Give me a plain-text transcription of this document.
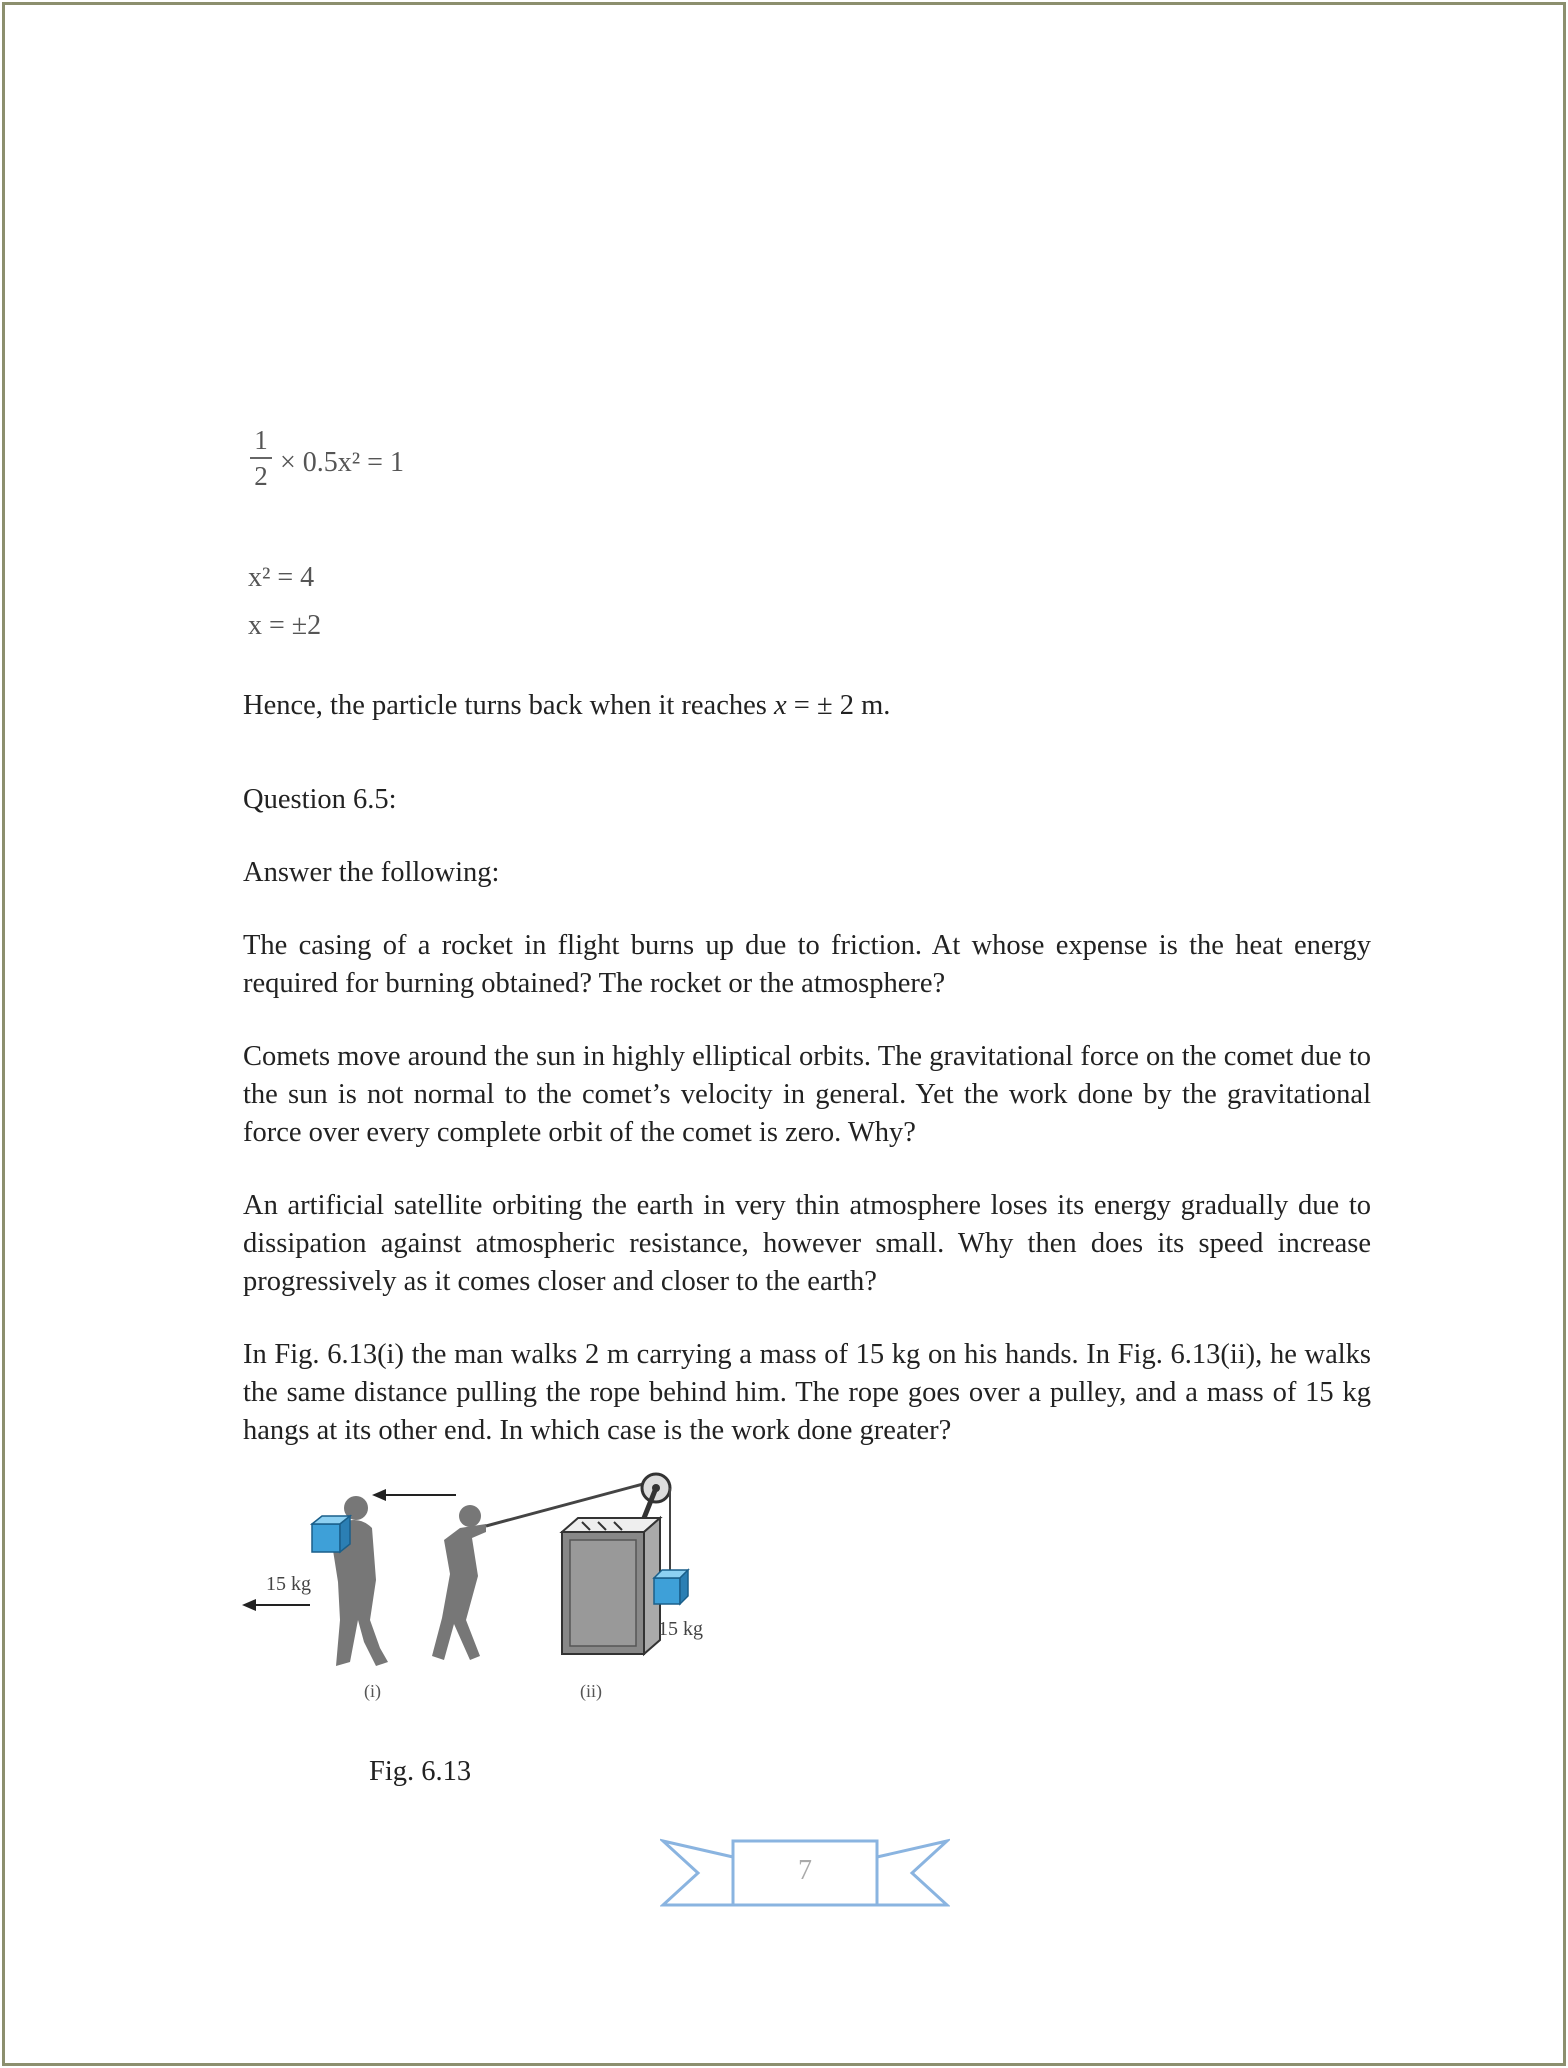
1
2 × 0.5x² = 1
x² = 4
x = ±2
Hence, the particle turns back when it reaches x = ± 2 m.
Question 6.5:
Answer the following:
The casing of a rocket in flight burns up due to friction. At whose expense is the heat energy required for burning obtained? The rocket or the atmosphere?
Comets move around the sun in highly elliptical orbits. The gravitational force on the comet due to the sun is not normal to the comet’s velocity in general. Yet the work done by the gravitational force over every complete orbit of the comet is zero. Why?
An artificial satellite orbiting the earth in very thin atmosphere loses its energy gradually due to dissipation against atmospheric resistance, however small. Why then does its speed increase progressively as it comes closer and closer to the earth?
In Fig. 6.13(i) the man walks 2 m carrying a mass of 15 kg on his hands. In Fig. 6.13(ii), he walks the same distance pulling the rope behind him. The rope goes over a pulley, and a mass of 15 kg hangs at its other end. In which case is the work done greater?
15 kg
15 kg
(i)	(ii)
Fig. 6.13
7
